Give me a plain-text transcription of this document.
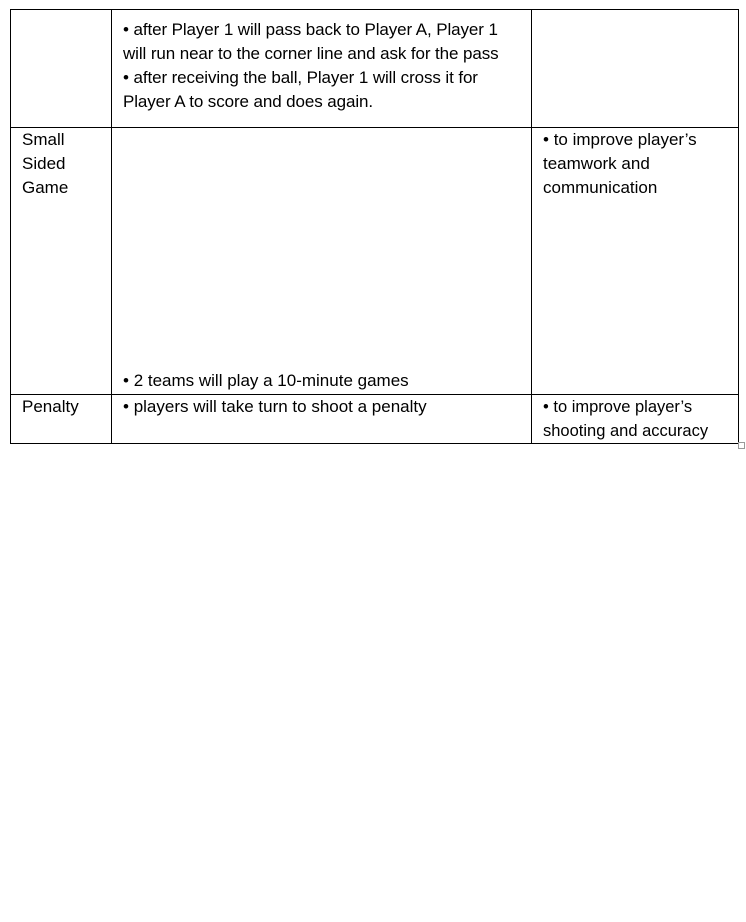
	• after Player 1 will pass back to Player A, Player 1 will run near to the corner line and ask for the pass
• after receiving the ball, Player 1 will cross it for Player A to score and does again.

Small Sided Game	• 2 teams will play a 10-minute games	• to improve player’s teamwork and communication

Penalty	• players will take turn to shoot a penalty	• to improve player’s shooting and accuracy
